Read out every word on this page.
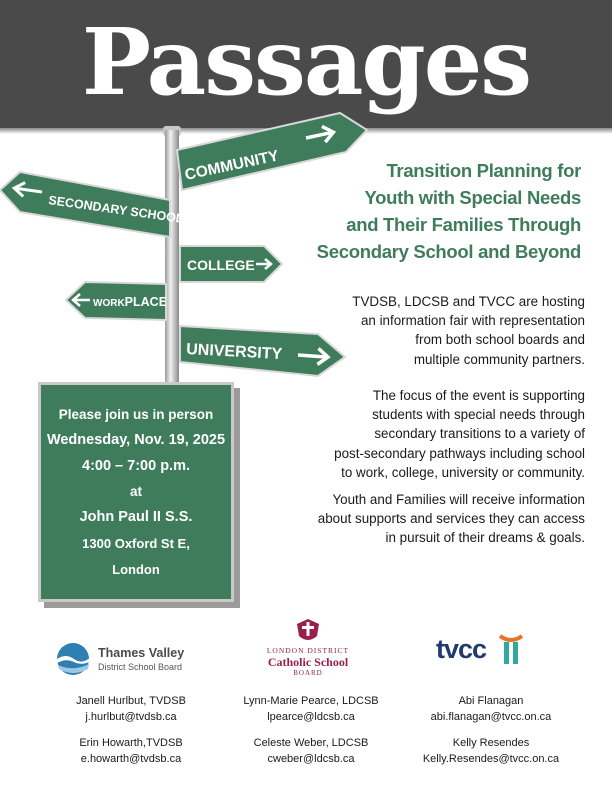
Passages
COMMUNITY
SECONDARY SCHOOL
COLLEGE
WORKPLACE
UNIVERSITY
Please join us in person
Wednesday, Nov. 19, 2025
4:00 – 7:00 p.m.
at
John Paul II S.S.
1300 Oxford St E,
London
Transition Planning for
Youth with Special Needs
and Their Families Through
Secondary School and Beyond
TVDSB, LDCSB and TVCC are hosting
an information fair with representation
from both school boards and
multiple community partners.
The focus of the event is supporting
students with special needs through
secondary transitions to a variety of
post-secondary pathways including school
to work, college, university or community.
Youth and Families will receive information
about supports and services they can access
in pursuit of their dreams & goals.
Thames Valley
District School Board
LONDON DISTRICT
Catholic School
BOARD
tvcc
Janell Hurlbut, TVDSB
j.hurlbut@tvdsb.ca
Erin Howarth,TVDSB
e.howarth@tvdsb.ca
Lynn-Marie Pearce, LDCSB
lpearce@ldcsb.ca
Celeste Weber, LDCSB
cweber@ldcsb.ca
Abi Flanagan
abi.flanagan@tvcc.on.ca
Kelly Resendes
Kelly.Resendes@tvcc.on.ca
